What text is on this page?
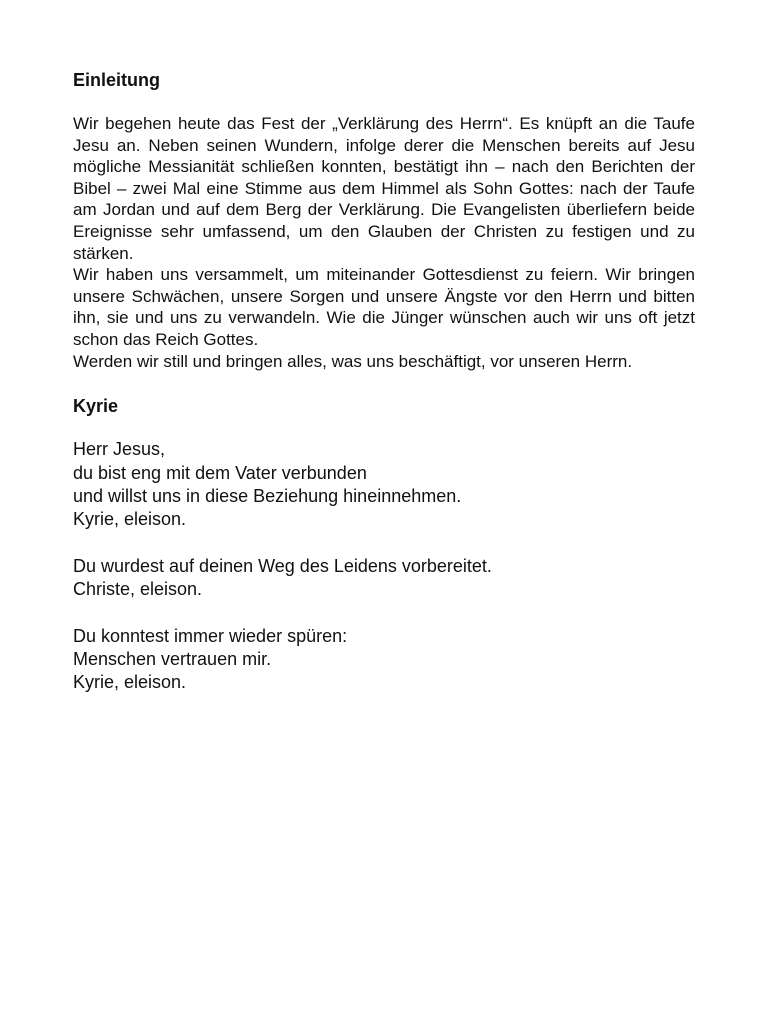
Einleitung

Wir begehen heute das Fest der „Verklärung des Herrn“. Es knüpft an die Taufe Jesu an. Neben seinen Wundern, infolge derer die Menschen bereits auf Jesu mögliche Messianität schließen konnten, bestätigt ihn – nach den Berichten der Bibel – zwei Mal eine Stimme aus dem Himmel als Sohn Gottes: nach der Taufe am Jordan und auf dem Berg der Verklärung. Die Evangelisten überliefern beide Ereignisse sehr umfassend, um den Glauben der Christen zu festigen und zu stärken.

Wir haben uns versammelt, um miteinander Gottesdienst zu feiern. Wir bringen unsere Schwächen, unsere Sorgen und unsere Ängste vor den Herrn und bitten ihn, sie und uns zu verwandeln. Wie die Jünger wünschen auch wir uns oft jetzt schon das Reich Gottes.

Werden wir still und bringen alles, was uns beschäftigt, vor unseren Herrn.

Kyrie
Herr Jesus,
du bist eng mit dem Vater verbunden
und willst uns in diese Beziehung hineinnehmen.
Kyrie, eleison.
Du wurdest auf deinen Weg des Leidens vorbereitet.
Christe, eleison.
Du konntest immer wieder spüren:
Menschen vertrauen mir.
Kyrie, eleison.
